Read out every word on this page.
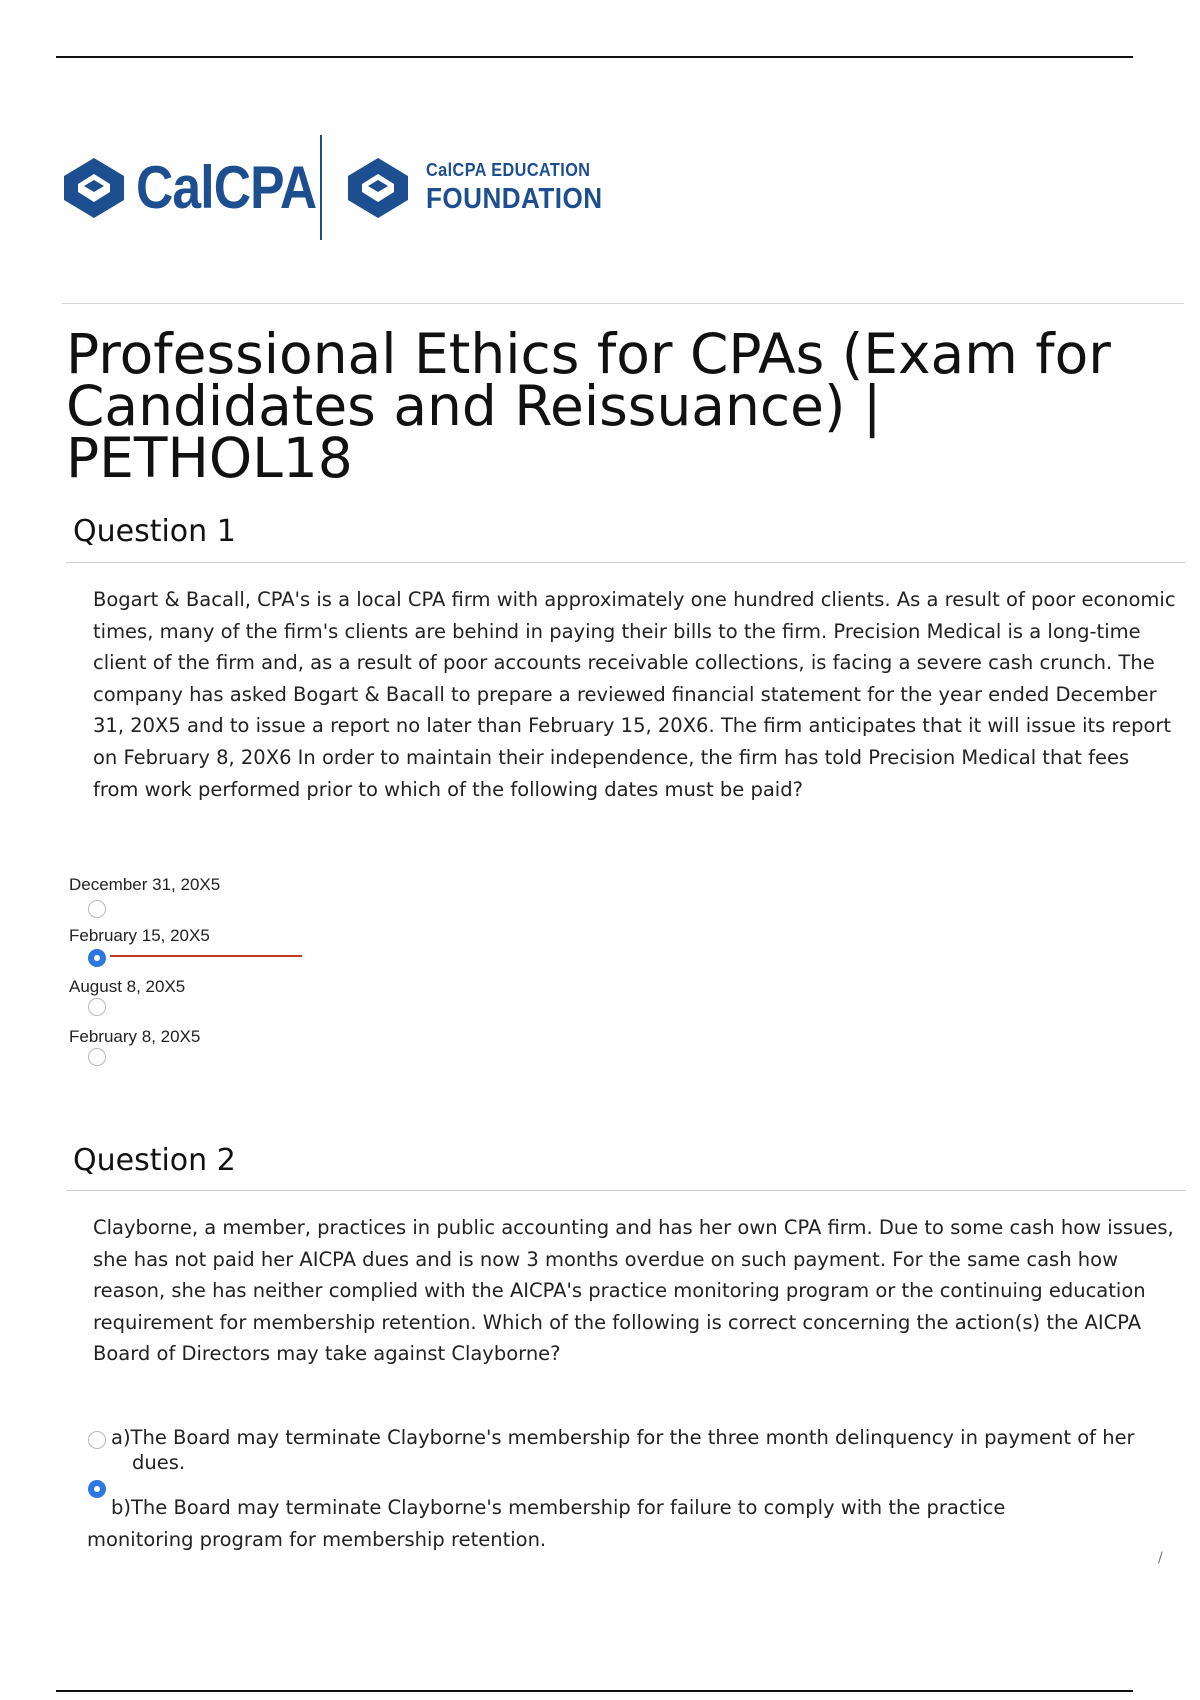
CalCPA	CalCPA EDUCATION
FOUNDATION
Professional Ethics for CPAs (Exam for Candidates and Reissuance) | PETHOL18
Question 1

Bogart & Bacall, CPA's is a local CPA firm with approximately one hundred clients. As a result of poor economic times, many of the firm's clients are behind in paying their bills to the firm. Precision Medical is a long-time client of the firm and, as a result of poor accounts receivable collections, is facing a severe cash crunch. The company has asked Bogart & Bacall to prepare a reviewed financial statement for the year ended December 31, 20X5 and to issue a report no later than February 15, 20X6. The firm anticipates that it will issue its report on February 8, 20X6 In order to maintain their independence, the firm has told Precision Medical that fees from work performed prior to which of the following dates must be paid?

December 31, 20X5
February 15, 20X5
August 8, 20X5
February 8, 20X5
Question 2

Clayborne, a member, practices in public accounting and has her own CPA firm. Due to some cash how issues, she has not paid her AICPA dues and is now 3 months overdue on such payment. For the same cash how reason, she has neither complied with the AICPA's practice monitoring program or the continuing education requirement for membership retention. Which of the following is correct concerning the action(s) the AICPA Board of Directors may take against Clayborne?

a)The Board may terminate Clayborne's membership for the three month delinquency in payment of her
dues.
b)The Board may terminate Clayborne's membership for failure to comply with the practice
monitoring program for membership retention.
/
